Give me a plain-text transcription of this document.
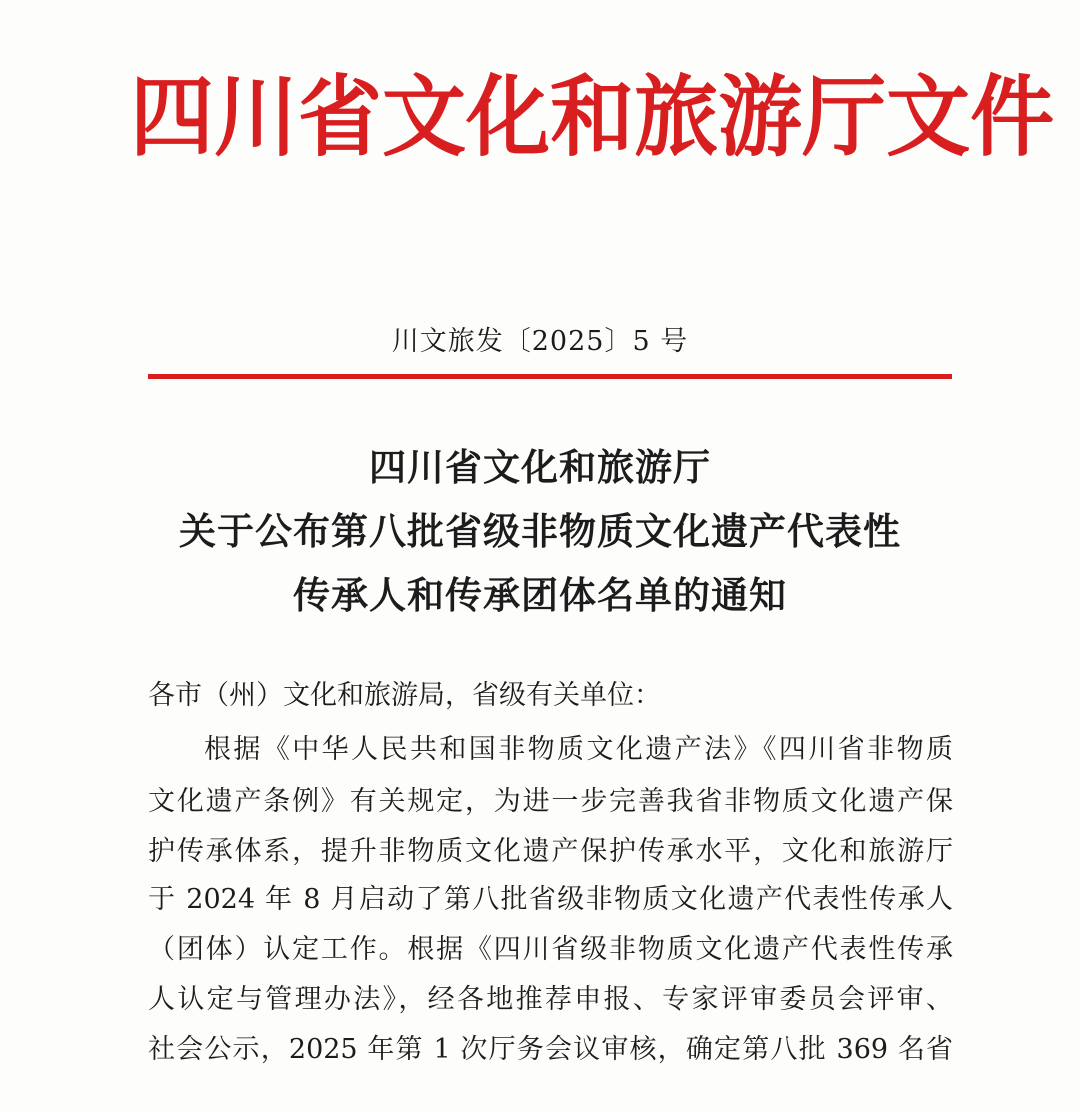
四 川 省 文 化 和 旅 游 厅 文 件
川文旅发〔2025〕5 号
四川省文化和旅游厅
关于公布第八批省级非物质文化遗产代表性
传承人和传承团体名单的通知
各市（州）文化和旅游局，省级有关单位：
根据《中华人民共和国非物质文化遗产法》《四川省非物质
文化遗产条例》有关规定，为进一步完善我省非物质文化遗产保
护传承体系，提升非物质文化遗产保护传承水平，文化和旅游厅
于 2024 年 8 月启动了第八批省级非物质文化遗产代表性传承人
（团体）认定工作。根据《四川省级非物质文化遗产代表性传承
人认定与管理办法》，经各地推荐申报、专家评审委员会评审、
社会公示，2025 年第 1 次厅务会议审核，确定第八批 369 名省
